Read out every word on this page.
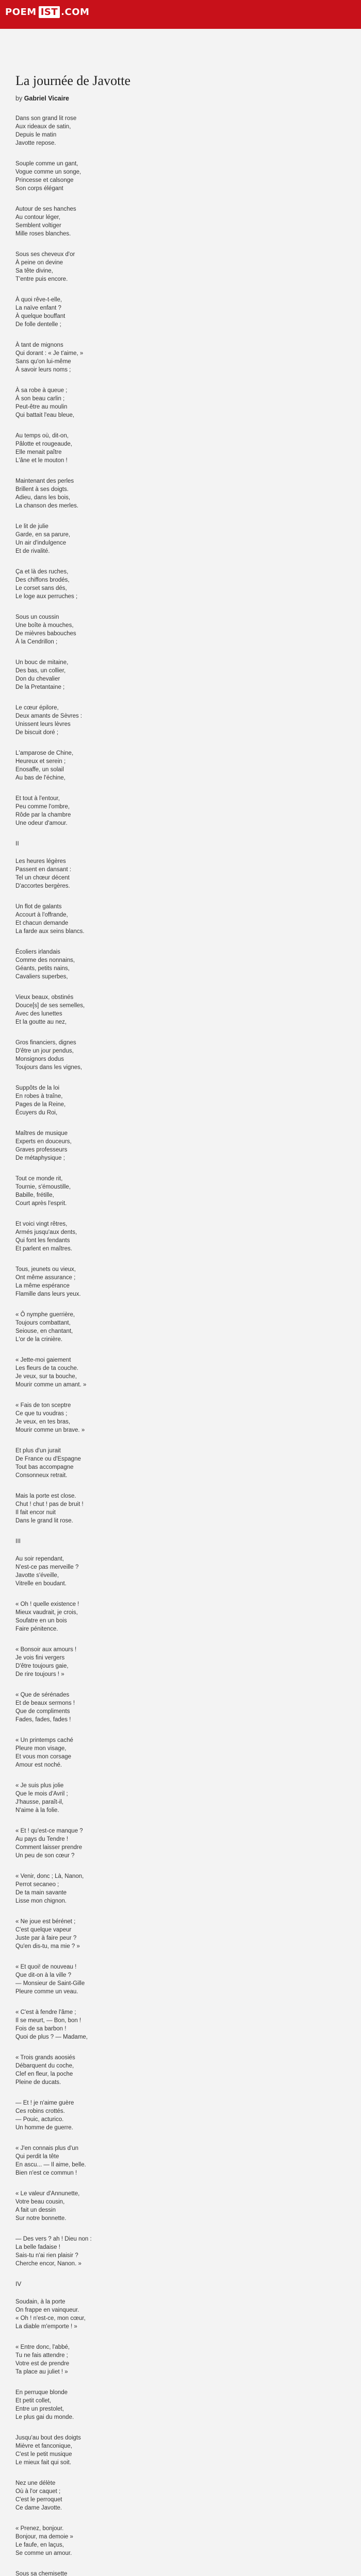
POEM IST .COM
La journée de Javotte
by Gabriel Vicaire
Dans son grand lit rose
Aux rideaux de satin,
Depuis le matin
Javotte repose.
Souple comme un gant,
Vogue comme un songe,
Princesse et calsonge
Son corps élégant
Autour de ses hanches
Au contour léger,
Semblent voltiger
Mille roses blanches.
Sous ses cheveux d'or
À peine on devine
Sa tête divine,
T'entre puis encore.
À quoi rêve-t-elle,
La naïve enfant ?
À quelque bouffant
De folle dentelle ;
À tant de mignons
Qui dorant : « Je t'aime, »
Sans qu'on lui-même
À savoir leurs noms ;
À sa robe à queue ;
À son beau carlin ;
Peut-être au moulin
Qui battait l'eau bleue,
Au temps où, dit-on,
Pâlotte et rougeaude,
Elle menait paître
L'âne et le mouton !
Maintenant des perles
Brillent à ses doigts.
Adieu, dans les bois,
La chanson des merles.
Le lit de julie
Garde, en sa parure,
Un air d'indulgence
Et de rivalité.
Ça et là des ruches,
Des chiffons brodés,
Le corset sans dés,
Le loge aux perruches ;
Sous un coussin
Une boîte à mouches,
De mièvres babouches
À la Cendrillon ;
Un bouc de mitaine,
Des bas, un collier,
Don du chevalier
De la Pretantaine ;
Le cœur épilore,
Deux amants de Sèvres :
Unissent leurs lèvres
De biscuit doré ;
L'amparose de Chine,
Heureux et serein ;
Enosaffe, un solail
Au bas de l'échine,
Et tout à l'entour,
Peu comme l'ombre,
Rôde par la chambre
Une odeur d'amour.
II
Les heures légères
Passent en dansant :
Tel un chœur décent
D'accortes bergères.
Un flot de galants
Accourt à l'offrande,
Et chacun demande
La farde aux seins blancs.
Écoliers irlandais
Comme des nonnains,
Géants, petits nains,
Cavaliers superbes,
Vieux beaux, obstinés
Douce[s] de ses semelles,
Avec des lunettes
Et la goutte au nez,
Gros financiers, dignes
D'être un jour pendus,
Monsignors dodus
Toujours dans les vignes,
Suppôts de la loi
En robes à traîne,
Pages de la Reine,
Écuyers du Roi,
Maîtres de musique
Experts en douceurs,
Graves professeurs
De métaphysique ;
Tout ce monde rit,
Tournie, s'émoustille,
Babille, frétille,
Court après l'esprit.
Et voici vingt rêtres,
Armés jusqu'aux dents,
Qui font les fendants
Et parlent en maîtres.
Tous, jeunets ou vieux,
Ont même assurance ;
La même espérance
Flamille dans leurs yeux.
« Ô nymphe guerrière,
Toujours combattant,
Seiouse, en chantant,
L'or de la crinière.
« Jette-moi gaiement
Les fleurs de ta couche.
Je veux, sur ta bouche,
Mourir comme un amant. »
« Fais de ton sceptre
Ce que tu voudras ;
Je veux, en tes bras,
Mourir comme un brave. »
Et plus d'un jurait
De France ou d'Espagne
Tout bas accompagne
Consonneux retrait.
Mais la porte est close.
Chut ! chut ! pas de bruit !
Il fait encor nuit
Dans le grand lit rose.
III
Au soir rependant,
N'est-ce pas merveille ?
Javotte s'éveille,
Vitrelle en boudant.
« Oh ! quelle existence !
Mieux vaudrait, je crois,
Soufatre en un bois
Faire pénitence.
« Bonsoir aux amours !
Je vois fini vergers
D'être toujours gaie,
De rire toujours ! »
« Que de sérénades
Et de beaux sermons !
Que de compliments
Fades, fades, fades !
« Un printemps caché
Pleure mon visage,
Et vous mon corsage
Amour est noché.
« Je suis plus jolie
Que le mois d'Avril ;
J'hausse, paraît-il,
N'aime à la folie.
« Et ! qu'est-ce manque ?
Au pays du Tendre !
Comment laisser prendre
Un peu de son cœur ?
« Venir, donc ; Là, Nanon,
Perrot secaneo ;
De ta main savante
Lisse mon chignon.
« Ne joue est bérénet ;
C'est quelque vapeur
Juste par à faire peur ?
Qu'en dis-tu, ma mie ? »
« Et quoi! de nouveau !
Que dit-on à la ville ?
— Monsieur de Saint-Gille
Pleure comme un veau.
« C'est à fendre l'âme ;
Il se meurt, — Bon, bon !
Fois de sa barbon !
Quoi de plus ? — Madame,
« Trois grands aoosiés
Débarquent du coche,
Clef en fleur, la poche
Pleine de ducats.
— Et ! je n'aime guère
Ces robins crottés.
— Pouic, acturico.
Un homme de guerre.
« J'en connais plus d'un
Qui perdit la tête
En ascu... — Il aime, belle.
Bien n'est ce commun !
« Le valeur d'Annunette,
Votre beau cousin,
A fait un dessin
Sur notre bonnette.
— Des vers ? ah ! Dieu non :
La belle fadaise !
Sais-tu n'ai rien plaisir ?
Cherche encor, Nanon. »
IV
Soudain, à la porte
On frappe en vainqueur.
« Oh ! n'est-ce, mon cœur,
La diable m'emporte ! »
« Entre donc, l'abbé,
Tu ne fais attendre ;
Votre est de prendre
Ta place au juliet ! »
En perruque blonde
Et petit collet,
Entre un prestolet,
Le plus gai du monde.
Jusqu'au bout des doigts
Mièvre et fanconique,
C'est le petit musique
Le mieux fait qui soit.
Nez une délète
Où à l'or caquet ;
C'est le perroquet
Ce dame Javotte.
« Prenez, bonjour.
Bonjour, ma demoie »
Le faufe, en laçus,
Se comme un amour.
Sous sa chemisette
